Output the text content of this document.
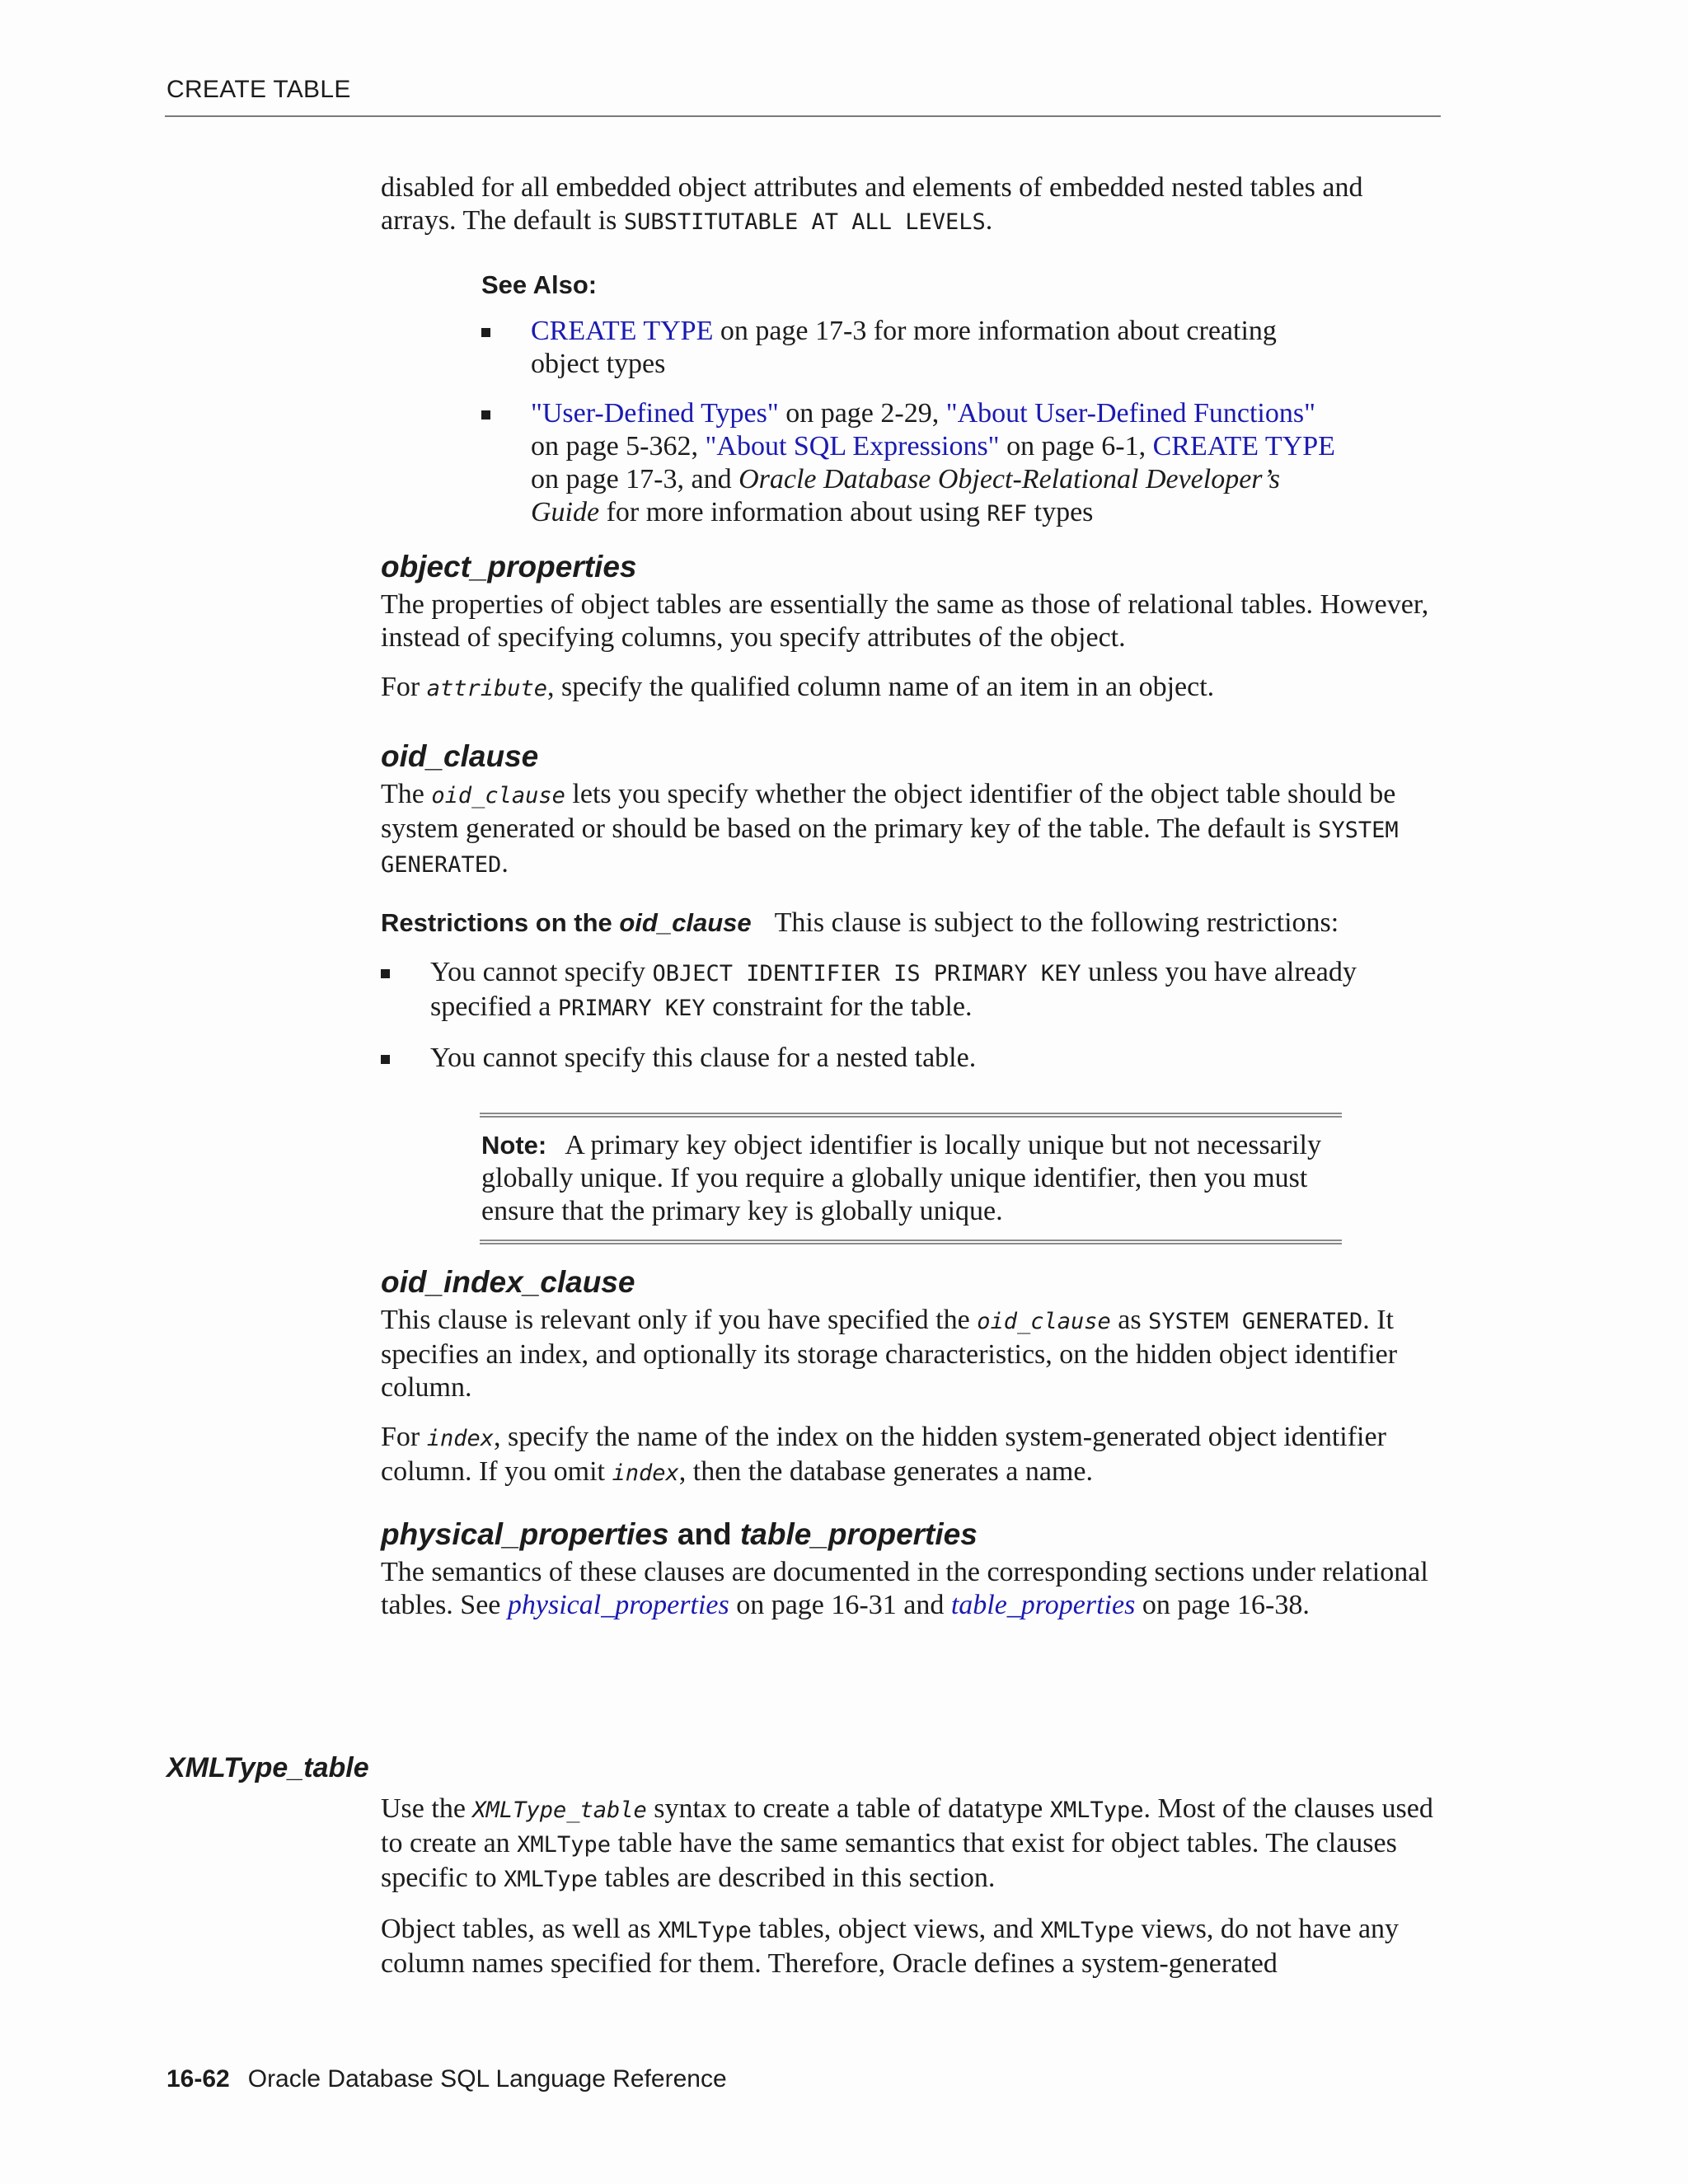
CREATE TABLE

disabled for all embedded object attributes and elements of embedded nested tables and arrays. The default is SUBSTITUTABLE AT ALL LEVELS.

See Also:
CREATE TYPE on page 17-3 for more information about creating object types
"User-Defined Types" on page 2-29, "About User-Defined Functions" on page 5-362, "About SQL Expressions" on page 6-1, CREATE TYPE on page 17-3, and Oracle Database Object-Relational Developer’s Guide for more information about using REF types
object_properties

The properties of object tables are essentially the same as those of relational tables. However, instead of specifying columns, you specify attributes of the object.

For attribute, specify the qualified column name of an item in an object.

oid_clause

The oid_clause lets you specify whether the object identifier of the object table should be system generated or should be based on the primary key of the table. The default is SYSTEM GENERATED.

Restrictions on the oid_clause This clause is subject to the following restrictions:

You cannot specify OBJECT IDENTIFIER IS PRIMARY KEY unless you have already specified a PRIMARY KEY constraint for the table.
You cannot specify this clause for a nested table.

Note: A primary key object identifier is locally unique but not necessarily globally unique. If you require a globally unique identifier, then you must ensure that the primary key is globally unique.

oid_index_clause

This clause is relevant only if you have specified the oid_clause as SYSTEM GENERATED. It specifies an index, and optionally its storage characteristics, on the hidden object identifier column.

For index, specify the name of the index on the hidden system-generated object identifier column. If you omit index, then the database generates a name.

physical_properties and table_properties

The semantics of these clauses are documented in the corresponding sections under relational tables. See physical_properties on page 16-31 and table_properties on page 16-38.

XMLType_table

Use the XMLType_table syntax to create a table of datatype XMLType. Most of the clauses used to create an XMLType table have the same semantics that exist for object tables. The clauses specific to XMLType tables are described in this section.

Object tables, as well as XMLType tables, object views, and XMLType views, do not have any column names specified for them. Therefore, Oracle defines a system-generated

16-62 Oracle Database SQL Language Reference
